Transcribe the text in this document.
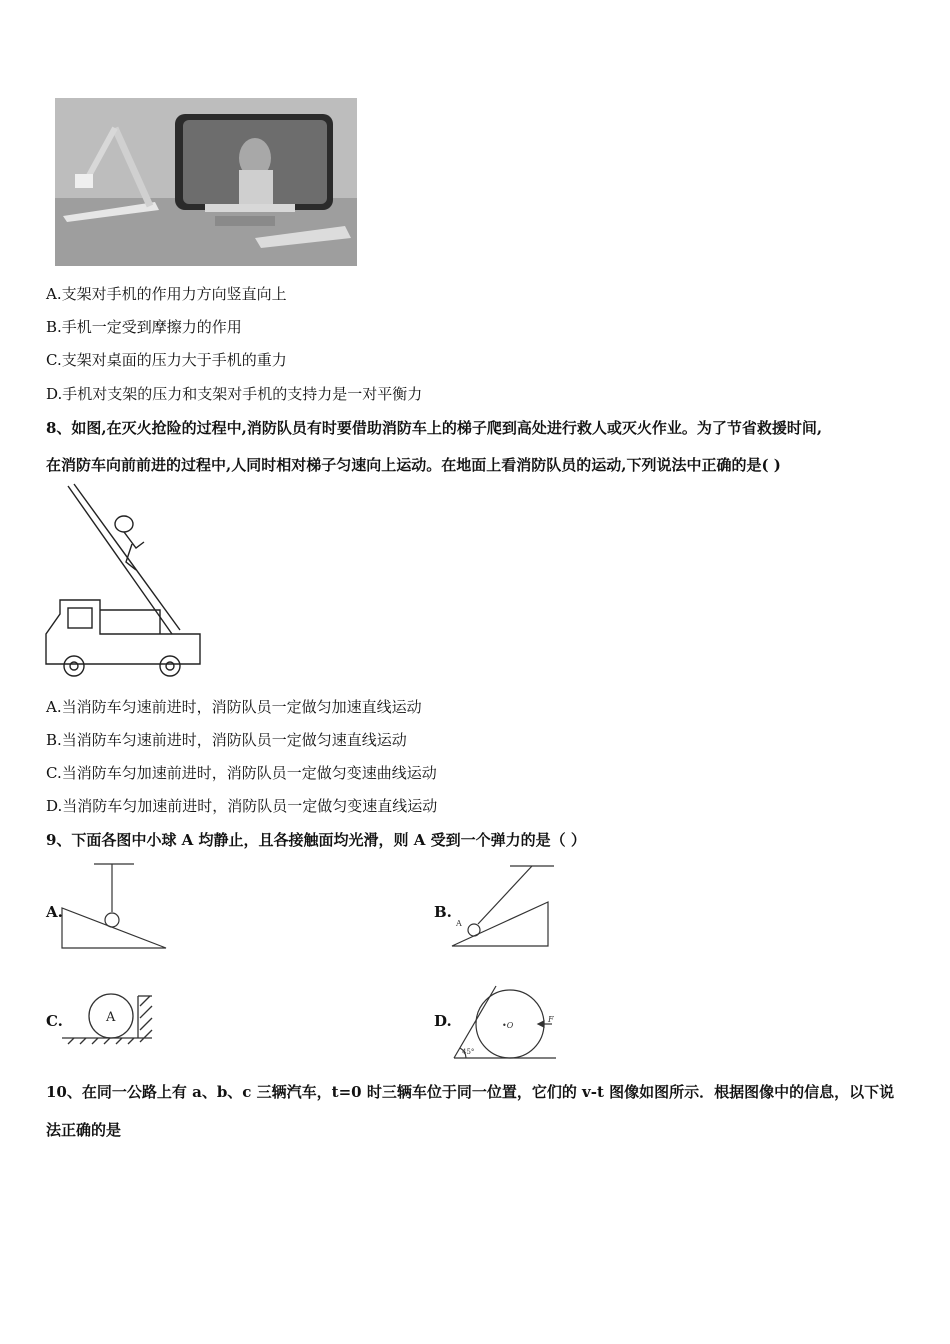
A.支架对手机的作用力方向竖直向上
B.手机一定受到摩擦力的作用
C.支架对桌面的压力大于手机的重力
D.手机对支架的压力和支架对手机的支持力是一对平衡力
8、如图,在灭火抢险的过程中,消防队员有时要借助消防车上的梯子爬到高处进行救人或灭火作业。为了节省救援时间,
在消防车向前前进的过程中,人同时相对梯子匀速向上运动。在地面上看消防队员的运动,下列说法中正确的是( )
A.当消防车匀速前进时，消防队员一定做匀加速直线运动
B.当消防车匀速前进时，消防队员一定做匀速直线运动
C.当消防车匀加速前进时，消防队员一定做匀变速曲线运动
D.当消防车匀加速前进时，消防队员一定做匀变速直线运动
9、下面各图中小球 A 均静止，且各接触面均光滑，则 A 受到一个弹力的是（ ）
A.	B.
A
C.	A	D.	•O
F
45°
10、在同一公路上有 a、b、c 三辆汽车，t=0 时三辆车位于同一位置，它们的 v-t 图像如图所示．根据图像中的信息，以下说
法正确的是
